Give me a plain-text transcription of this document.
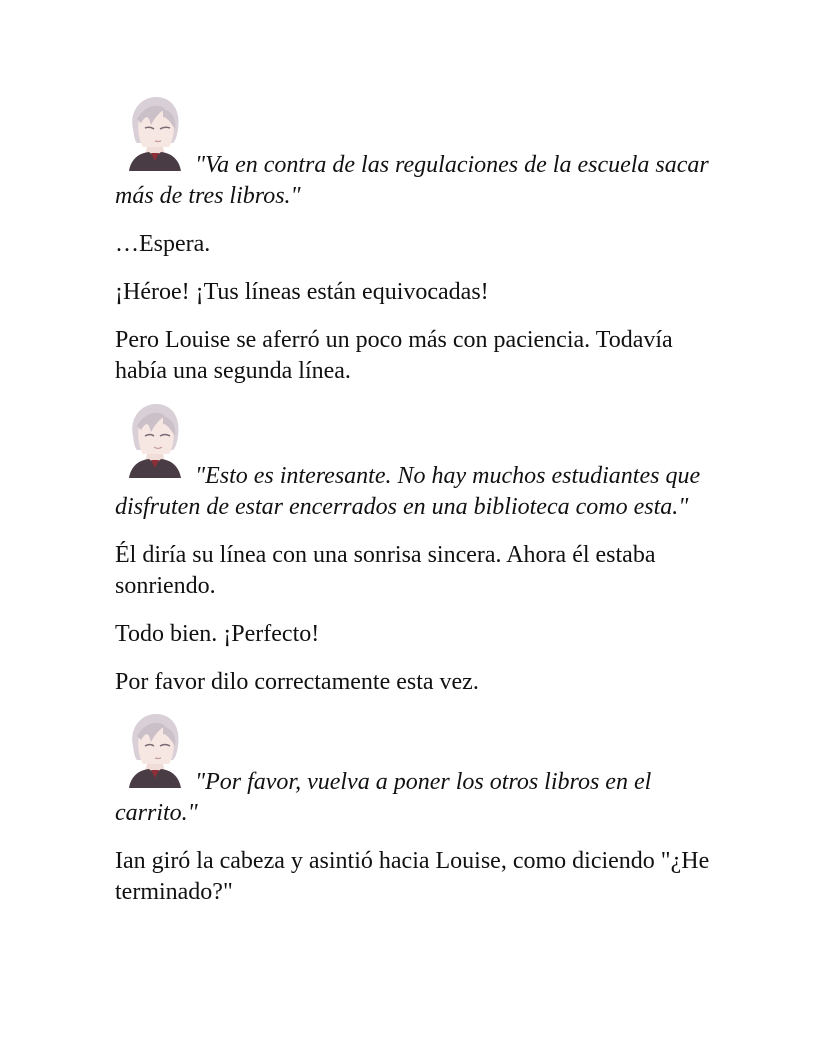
"Va en contra de las regulaciones de la escuela sacar más de tres libros."

…Espera.

¡Héroe! ¡Tus líneas están equivocadas!

Pero Louise se aferró un poco más con paciencia. Todavía había una segunda línea.

"Esto es interesante. No hay muchos estudiantes que disfruten de estar encerrados en una biblioteca como esta."

Él diría su línea con una sonrisa sincera. Ahora él estaba sonriendo.

Todo bien. ¡Perfecto!

Por favor dilo correctamente esta vez.

"Por favor, vuelva a poner los otros libros en el carrito."

Ian giró la cabeza y asintió hacia Louise, como diciendo "¿He terminado?"
